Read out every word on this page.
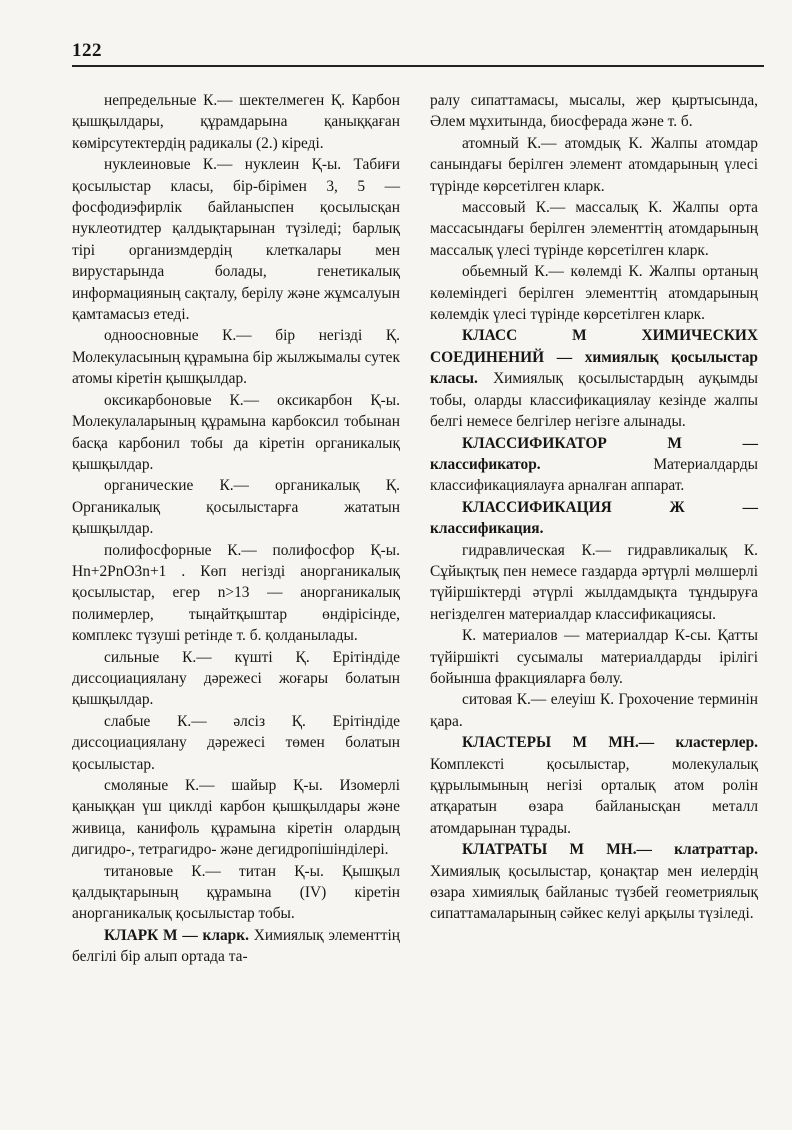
122

непредельные К.— шектелмеген Қ. Карбон қышқылдары, құрамдарына қаныққаған көмірсутектердің радикалы (2.) кіреді.

нуклеиновые К.— нуклеин Қ-ы. Табиғи қосылыстар класы, бір-бірімен 3, 5 — фосфодиэфирлік байланыспен қосылысқан нуклеотидтер қалдықтарынан түзіледі; барлық тірі организмдердің клеткалары мен вирустарында болады, генетикалық информацияның сақталу, берілу және жұмсалуын қамтамасыз етеді.

одноосновные К.— бір негізді Қ. Молекуласының құрамына бір жылжымалы сутек атомы кіретін қышқылдар.

оксикарбоновые К.— оксикарбон Қ-ы. Молекулаларының құрамына карбоксил тобынан басқа карбонил тобы да кіретін органикалық қышқылдар.

органические К.— органикалық Қ. Органикалық қосылыстарға жататын қышқылдар.

полифосфорные К.— полифосфор Қ-ы. Hn+2PnO3n+1 . Көп негізді анорганикалық қосылыстар, егер n>13 — анорганикалық полимерлер, тыңайтқыштар өндірісінде, комплекс түзуші ретінде т. б. қолданылады.

сильные К.— күшті Қ. Ерітіндіде диссоциациялану дәрежесі жоғары болатын қышқылдар.

слабые К.— әлсіз Қ. Ерітіндіде диссоциациялану дәрежесі төмен болатын қосылыстар.

смоляные К.— шайыр Қ-ы. Изомерлі қаныққан үш циклді карбон қышқылдары және живица, канифоль құрамына кіретін олардың дигидро-, тетрагидро- және дегидропішінділері.

титановые К.— титан Қ-ы. Қышқыл қалдықтарының құрамына (IV) кіретін анорганикалық қосылыстар тобы.

КЛАРК М — кларк. Химиялық элементтің белгілі бір алып ортада та-

ралу сипаттамасы, мысалы, жер қыртысында, Әлем мұхитында, биосферада және т. б.

атомный К.— атомдық К. Жалпы атомдар санындағы берілген элемент атомдарының үлесі түрінде көрсетілген кларк.

массовый К.— массалық К. Жалпы орта массасындағы берілген элементтің атомдарының массалық үлесі түрінде көрсетілген кларк.

обьемный К.— көлемді К. Жалпы ортаның көлеміндегі берілген элементтің атомдарының көлемдік үлесі түрінде көрсетілген кларк.

КЛАСС М ХИМИЧЕСКИХ СОЕДИНЕНИЙ — химиялық қосылыстар класы. Химиялық қосылыстардың ауқымды тобы, оларды классификациялау кезінде жалпы белгі немесе белгілер негізге алынады.

КЛАССИФИКАТОР М — классификатор. Материалдарды классификациялауға арналған аппарат.

КЛАССИФИКАЦИЯ Ж — классификация.

гидравлическая К.— гидравликалық К. Сұйықтық пен немесе газдарда әртүрлі мөлшерлі түйіршіктерді әтүрлі жылдамдықта тұндыруға негізделген материалдар классификациясы.

К. материалов — материалдар К-сы. Қатты түйіршікті сусымалы материалдарды ірілігі бойынша фракцияларға бөлу.

ситовая К.— елеуіш К. Грохочение терминін қара.

КЛАСТЕРЫ М МН.— кластерлер. Комплексті қосылыстар, молекулалық құрылымының негізі орталық атом ролін атқаратын өзара байланысқан металл атомдарынан тұрады.

КЛАТРАТЫ М МН.— клатраттар. Химиялық қосылыстар, қонақтар мен иелердің өзара химиялық байланыс түзбей геометриялық сипаттамаларының сәйкес келуі арқылы түзіледі.
